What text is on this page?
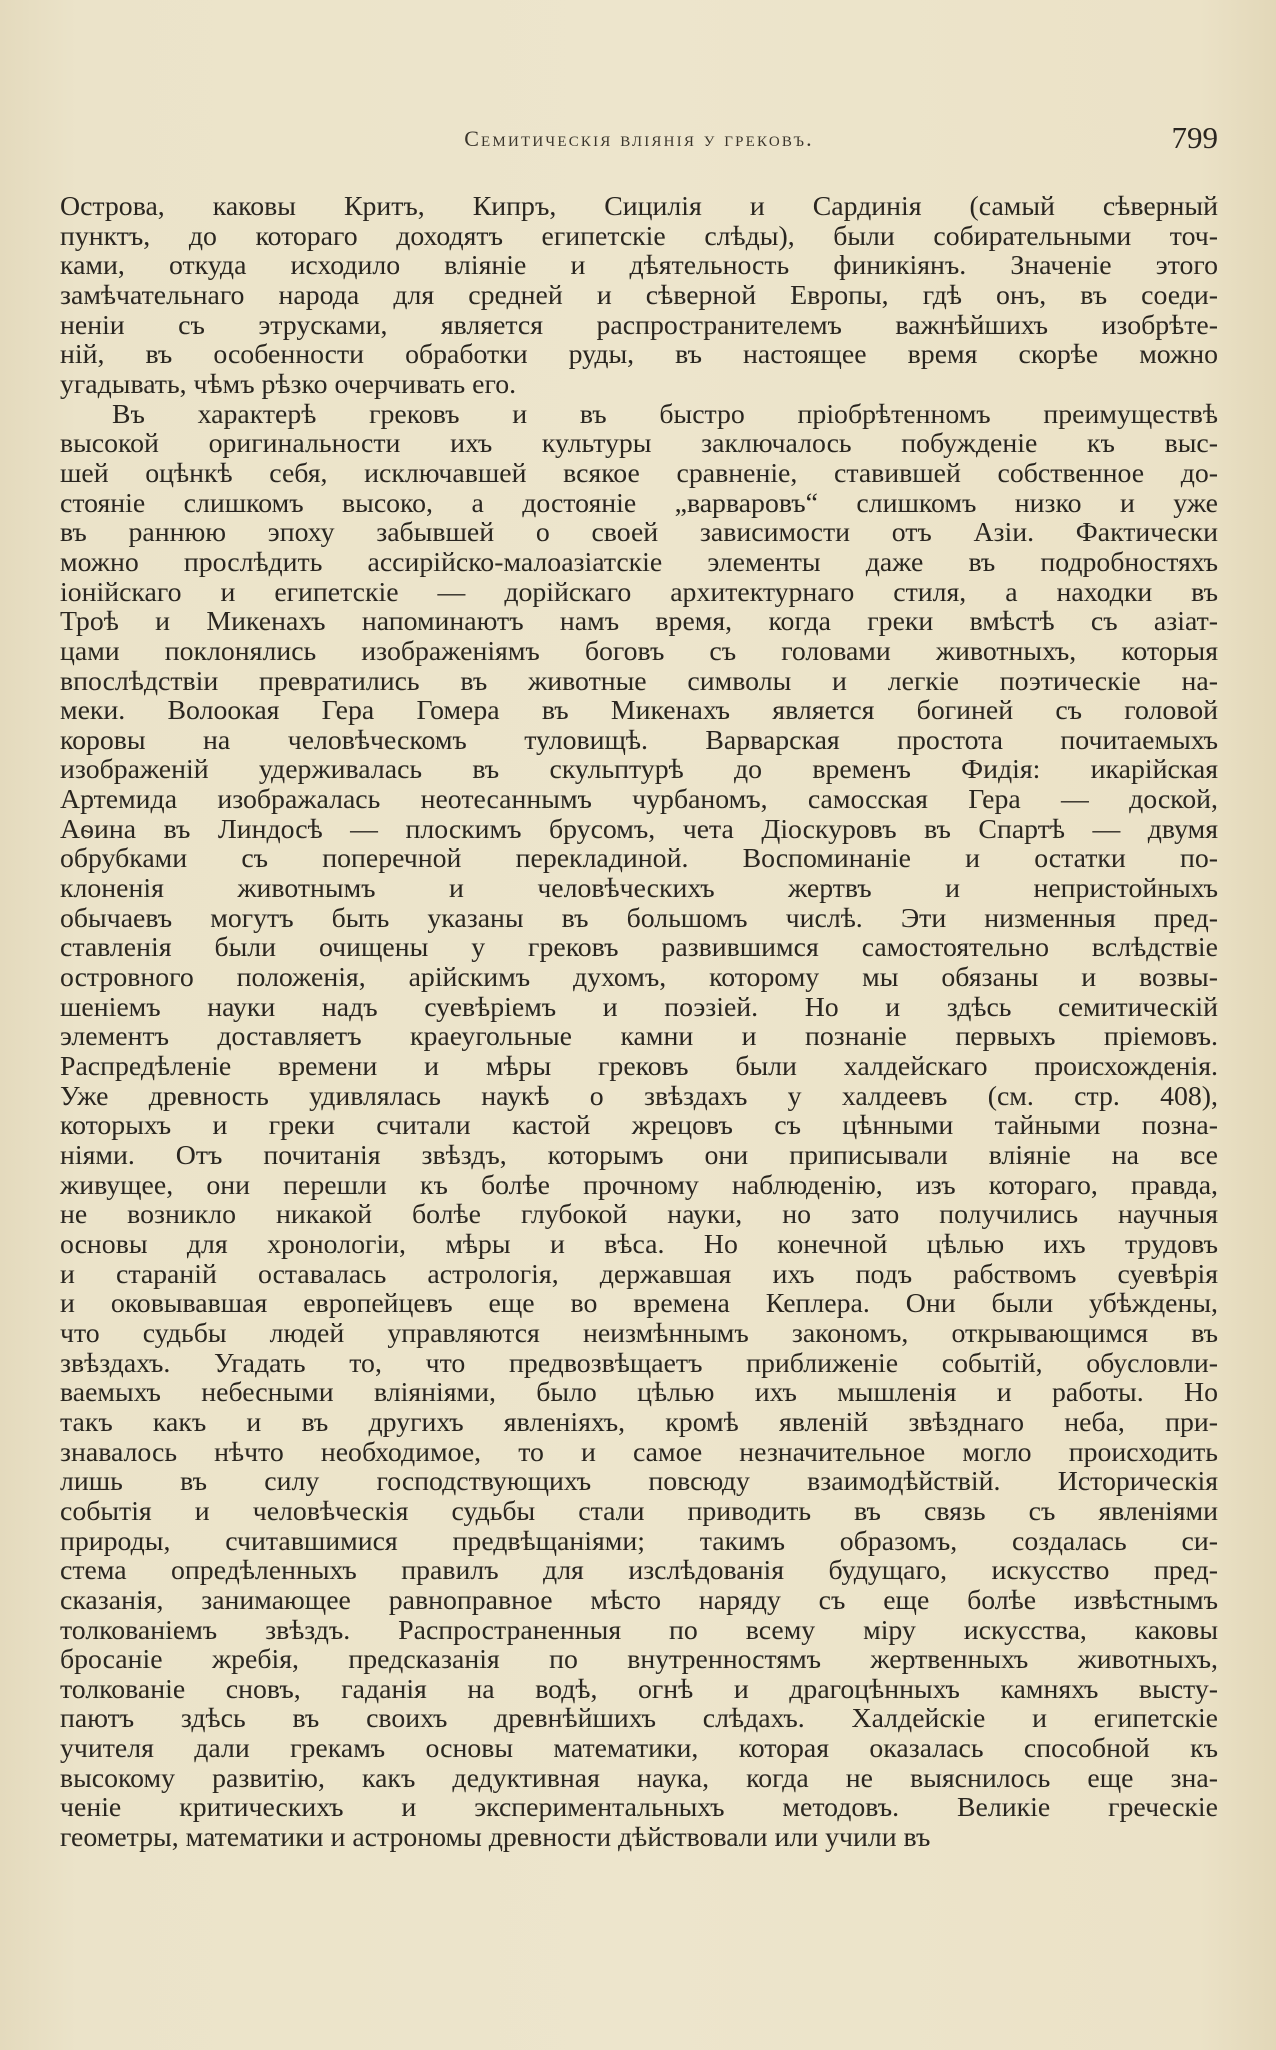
Семитическія вліянія у грековъ.	799

Острова, каковы Критъ, Кипръ, Сицилія и Сардинія (самый сѣверный

пунктъ, до котораго доходятъ египетскіе слѣды), были собирательными точ-

ками, откуда исходило вліяніе и дѣятельность финикіянъ. Значеніе этого

замѣчательнаго народа для средней и сѣверной Европы, гдѣ онъ, въ соеди-

неніи съ этрусками, является распространителемъ важнѣйшихъ изобрѣте-

ній, въ особенности обработки руды, въ настоящее время скорѣе можно

угадывать, чѣмъ рѣзко очерчивать его.

Въ характерѣ грековъ и въ быстро пріобрѣтенномъ преимуществѣ

высокой оригинальности ихъ культуры заключалось побужденіе къ выс-

шей оцѣнкѣ себя, исключавшей всякое сравненіе, ставившей собственное до-

стояніе слишкомъ высоко, а достояніе „варваровъ“ слишкомъ низко и уже

въ раннюю эпоху забывшей о своей зависимости отъ Азіи. Фактически

можно прослѣдить ассирійско-малоазіатскіе элементы даже въ подробностяхъ

іонійскаго и египетскіе — дорійскаго архитектурнаго стиля, а находки въ

Троѣ и Микенахъ напоминаютъ намъ время, когда греки вмѣстѣ съ азіат-

цами поклонялись изображеніямъ боговъ съ головами животныхъ, которыя

впослѣдствіи превратились въ животные символы и легкіе поэтическіе на-

меки. Волоокая Гера Гомера въ Микенахъ является богиней съ головой

коровы на человѣческомъ туловищѣ. Варварская простота почитаемыхъ

изображеній удерживалась въ скульптурѣ до временъ Фидія: икарійская

Артемида изображалась неотесаннымъ чурбаномъ, самосская Гера — доской,

Аѳина въ Линдосѣ — плоскимъ брусомъ, чета Діоскуровъ въ Спартѣ — двумя

обрубками съ поперечной перекладиной. Воспоминаніе и остатки по-

клоненія животнымъ и человѣческихъ жертвъ и непристойныхъ

обычаевъ могутъ быть указаны въ большомъ числѣ. Эти низменныя пред-

ставленія были очищены у грековъ развившимся самостоятельно вслѣдствіе

островного положенія, арійскимъ духомъ, которому мы обязаны и возвы-

шеніемъ науки надъ суевѣріемъ и поэзіей. Но и здѣсь семитическій

элементъ доставляетъ краеугольные камни и познаніе первыхъ пріемовъ.

Распредѣленіе времени и мѣры грековъ были халдейскаго происхожденія.

Уже древность удивлялась наукѣ о звѣздахъ у халдеевъ (см. стр. 408),

которыхъ и греки считали кастой жрецовъ съ цѣнными тайными позна-

ніями. Отъ почитанія звѣздъ, которымъ они приписывали вліяніе на все

живущее, они перешли къ болѣе прочному наблюденію, изъ котораго, правда,

не возникло никакой болѣе глубокой науки, но зато получились научныя

основы для хронологіи, мѣры и вѣса. Но конечной цѣлью ихъ трудовъ

и стараній оставалась астрологія, державшая ихъ подъ рабствомъ суевѣрія

и оковывавшая европейцевъ еще во времена Кеплера. Они были убѣждены,

что судьбы людей управляются неизмѣннымъ закономъ, открывающимся въ

звѣздахъ. Угадать то, что предвозвѣщаетъ приближеніе событій, обусловли-

ваемыхъ небесными вліяніями, было цѣлью ихъ мышленія и работы. Но

такъ какъ и въ другихъ явленіяхъ, кромѣ явленій звѣзднаго неба, при-

знавалось нѣчто необходимое, то и самое незначительное могло происходить

лишь въ силу господствующихъ повсюду взаимодѣйствій. Историческія

событія и человѣческія судьбы стали приводить въ связь съ явленіями

природы, считавшимися предвѣщаніями; такимъ образомъ, создалась си-

стема опредѣленныхъ правилъ для изслѣдованія будущаго, искусство пред-

сказанія, занимающее равноправное мѣсто наряду съ еще болѣе извѣстнымъ

толкованіемъ звѣздъ. Распространенныя по всему міру искусства, каковы

бросаніе жребія, предсказанія по внутренностямъ жертвенныхъ животныхъ,

толкованіе сновъ, гаданія на водѣ, огнѣ и драгоцѣнныхъ камняхъ высту-

паютъ здѣсь въ своихъ древнѣйшихъ слѣдахъ. Халдейскіе и египетскіе

учителя дали грекамъ основы математики, которая оказалась способной къ

высокому развитію, какъ дедуктивная наука, когда не выяснилось еще зна-

ченіе критическихъ и экспериментальныхъ методовъ. Великіе греческіе

геометры, математики и астрономы древности дѣйствовали или учили въ
